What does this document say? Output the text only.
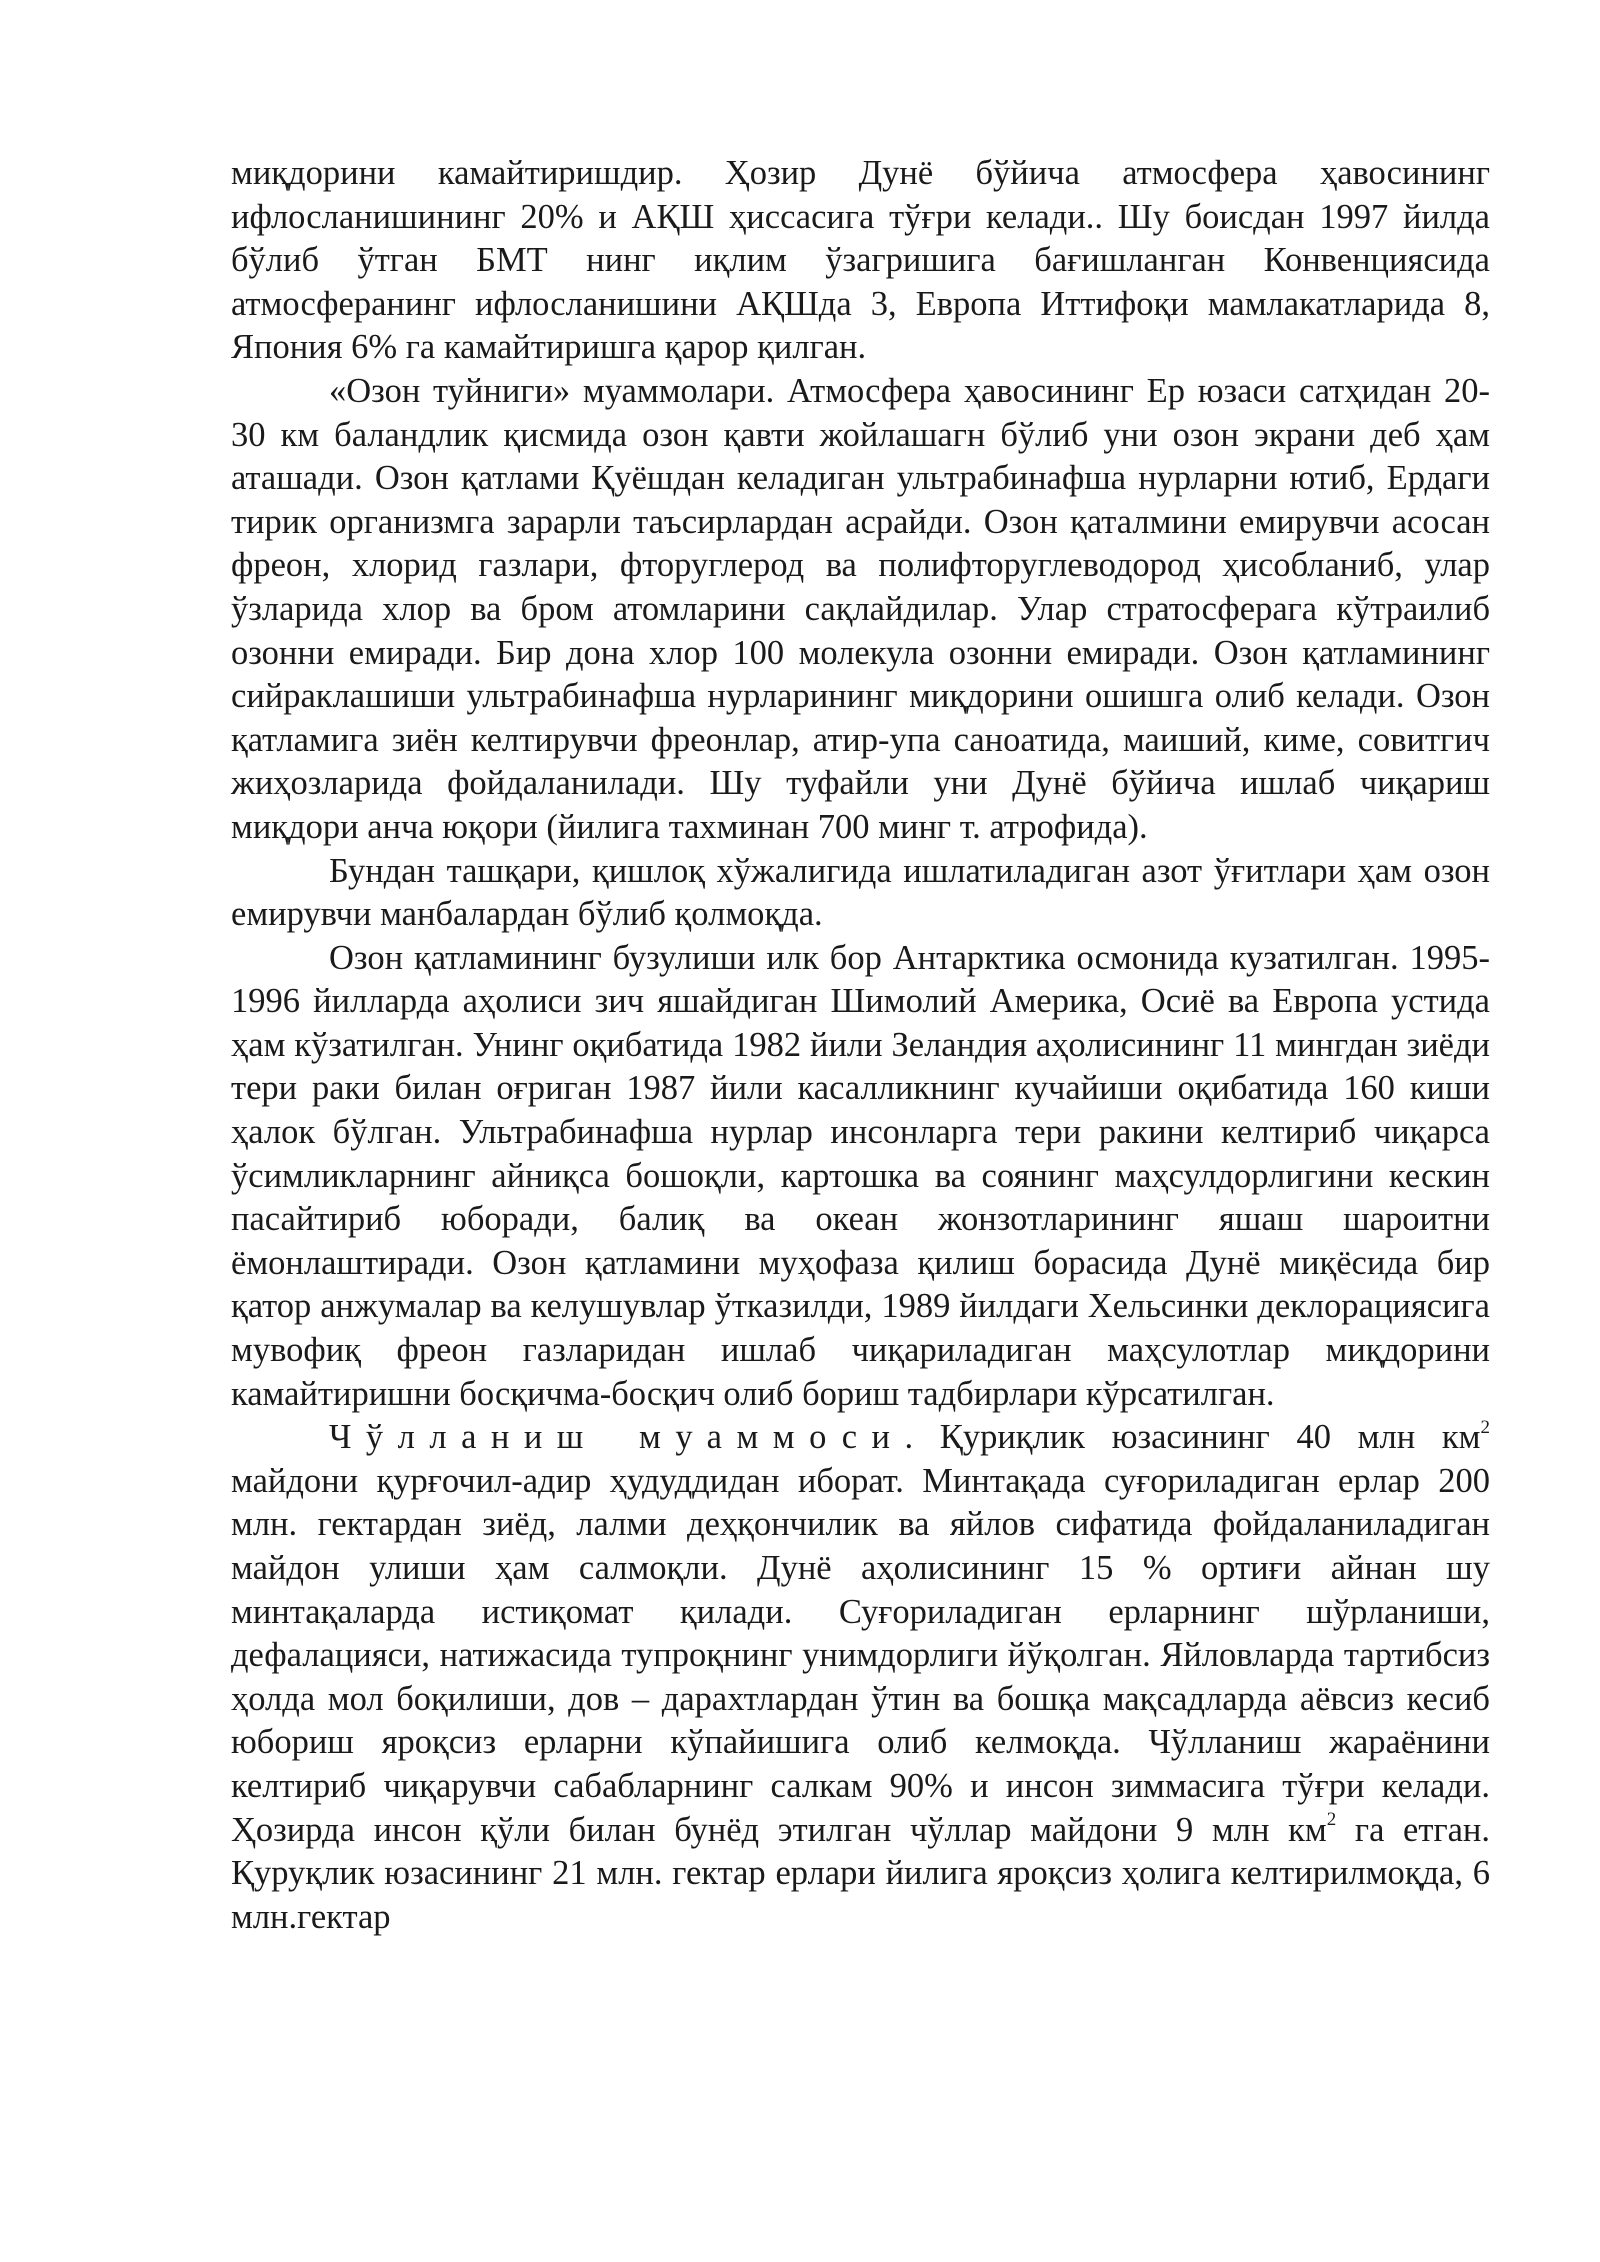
миқдорини камайтиришдир. Ҳозир Дунё бўйича атмосфера ҳавосининг ифлосланишининг 20% и АҚШ ҳиссасига тўғри келади.. Шу боисдан 1997 йилда бўлиб ўтган БМТ нинг иқлим ўзагришига бағишланган Конвенциясида атмосферанинг ифлосланишини АҚШда 3, Европа Иттифоқи мамлакатларида 8, Япония 6% га камайтиришга қарор қилган.

«Озон туйниги» муаммолари. Атмосфера ҳавосининг Ер юзаси сатҳидан 20-30 км баландлик қисмида озон қавти жойлашагн бўлиб уни озон экрани деб ҳам аташади. Озон қатлами Қуёшдан келадиган ультрабинафша нурларни ютиб, Ердаги тирик организмга зарарли таъсирлардан асрайди. Озон қаталмини емирувчи асосан фреон, хлорид газлари, фторуглерод ва полифторуглеводород ҳисобланиб, улар ўзларида хлор ва бром атомларини сақлайдилар. Улар стратосферага кўтраилиб озонни емиради. Бир дона хлор 100 молекула озонни емиради. Озон қатламининг сийраклашиши ультрабинафша нурларининг миқдорини ошишга олиб келади. Озон қатламига зиён келтирувчи фреонлар, атир-упа саноатида, маиший, киме, совитгич жиҳозларида фойдаланилади. Шу туфайли уни Дунё бўйича ишлаб чиқариш миқдори анча юқори (йилига тахминан 700 минг т. атрофида).

Бундан ташқари, қишлоқ хўжалигида ишлатиладиган азот ўғитлари ҳам озон емирувчи манбалардан бўлиб қолмоқда.

Озон қатламининг бузулиши илк бор Антарктика осмонида кузатилган. 1995-1996 йилларда аҳолиси зич яшайдиган Шимолий Америка, Осиё ва Европа устида ҳам кўзатилган. Унинг оқибатида 1982 йили Зеландия аҳолисининг 11 мингдан зиёди тери раки билан оғриган 1987 йили касалликнинг кучайиши оқибатида 160 киши ҳалок бўлган. Ультрабинафша нурлар инсонларга тери ракини келтириб чиқарса ўсимликларнинг айниқса бошоқли, картошка ва соянинг маҳсулдорлигини кескин пасайтириб юборади, балиқ ва океан жонзотларининг яшаш шароитни ёмонлаштиради. Озон қатламини муҳофаза қилиш борасида Дунё миқёсида бир қатор анжумалар ва келушувлар ўтказилди, 1989 йилдаги Хельсинки деклорациясига мувофиқ фреон газларидан ишлаб чиқариладиган маҳсулотлар миқдорини камайтиришни босқичма-босқич олиб бориш тадбирлари кўрсатилган.

Чўлланиш муаммоси. Қуриқлик юзасининг 40 млн $км^2$ майдони қурғочил-адир ҳудуддидан иборат. Минтақада суғориладиган ерлар 200 млн. гектардан зиёд, лалми деҳқончилик ва яйлов сифатида фойдаланиладиган майдон улиши ҳам салмоқли. Дунё аҳолисининг 15 % ортиғи айнан шу минтақаларда истиқомат қилади. Суғориладиган ерларнинг шўрланиши, дефалацияси, натижасида тупроқнинг унимдорлиги йўқолган. Яйловларда тартибсиз ҳолда мол боқилиши, дов – дарахтлардан ўтин ва бошқа мақсадларда аёвсиз кесиб юбориш яроқсиз ерларни кўпайишига олиб келмоқда. Чўлланиш жараёнини келтириб чиқарувчи сабабларнинг салкам 90% и инсон зиммасига тўғри келади. Ҳозирда инсон қўли билан бунёд этилган чўллар майдони 9 млн $км^2$ га етган. Қуруқлик юзасининг 21 млн. гектар ерлари йилига яроқсиз ҳолига келтирилмоқда, 6 млн.гектар
